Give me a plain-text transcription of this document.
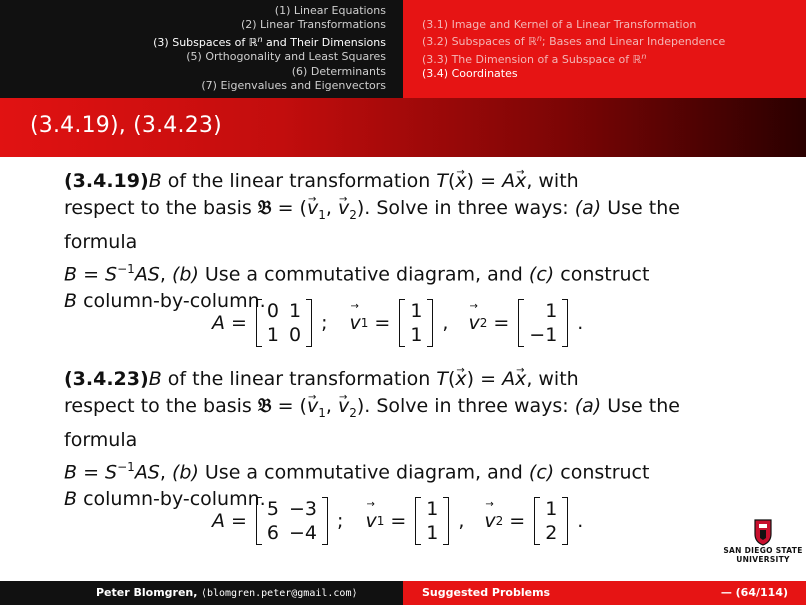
(1) Linear Equations
(2) Linear Transformations
(3) Subspaces of ℝ$^n$ and Their Dimensions
(5) Orthogonality and Least Squares
(6) Determinants
(7) Eigenvalues and Eigenvectors
(3.1) Image and Kernel of a Linear Transformation
(3.2) Subspaces of ℝ$^n$; Bases and Linear Independence
(3.3) The Dimension of a Subspace of ℝ$^n$
(3.4) Coordinates
(3.4.19), (3.4.23)
(3.4.19)B of the linear transformation T(→ x) = A→ x, with
respect to the basis 𝔅 = (→ $v_1$, → $v_2$). Solve in three ways: (a) Use the formula
$B = S^{-1}AS$, (b) Use a commutative diagram, and (c) construct
B column-by-column.
A =
0	1
1	0
; → v 1 =
1
1
, → v 2 =
1
−1
.
(3.4.23)B of the linear transformation T(→ x) = A→ x, with
respect to the basis 𝔅 = (→ $v_1$, → $v_2$). Solve in three ways: (a) Use the formula
$B = S^{-1}AS$, (b) Use a commutative diagram, and (c) construct
B column-by-column.
A =
5	−3
6	−4
; → v 1 =
1
1
, → v 2 =
1
2
.
SAN DIEGO STATE
UNIVERSITY
Peter Blomgren, ⟨blomgren.peter@gmail.com⟩	Suggested Problems	— (64/114)
